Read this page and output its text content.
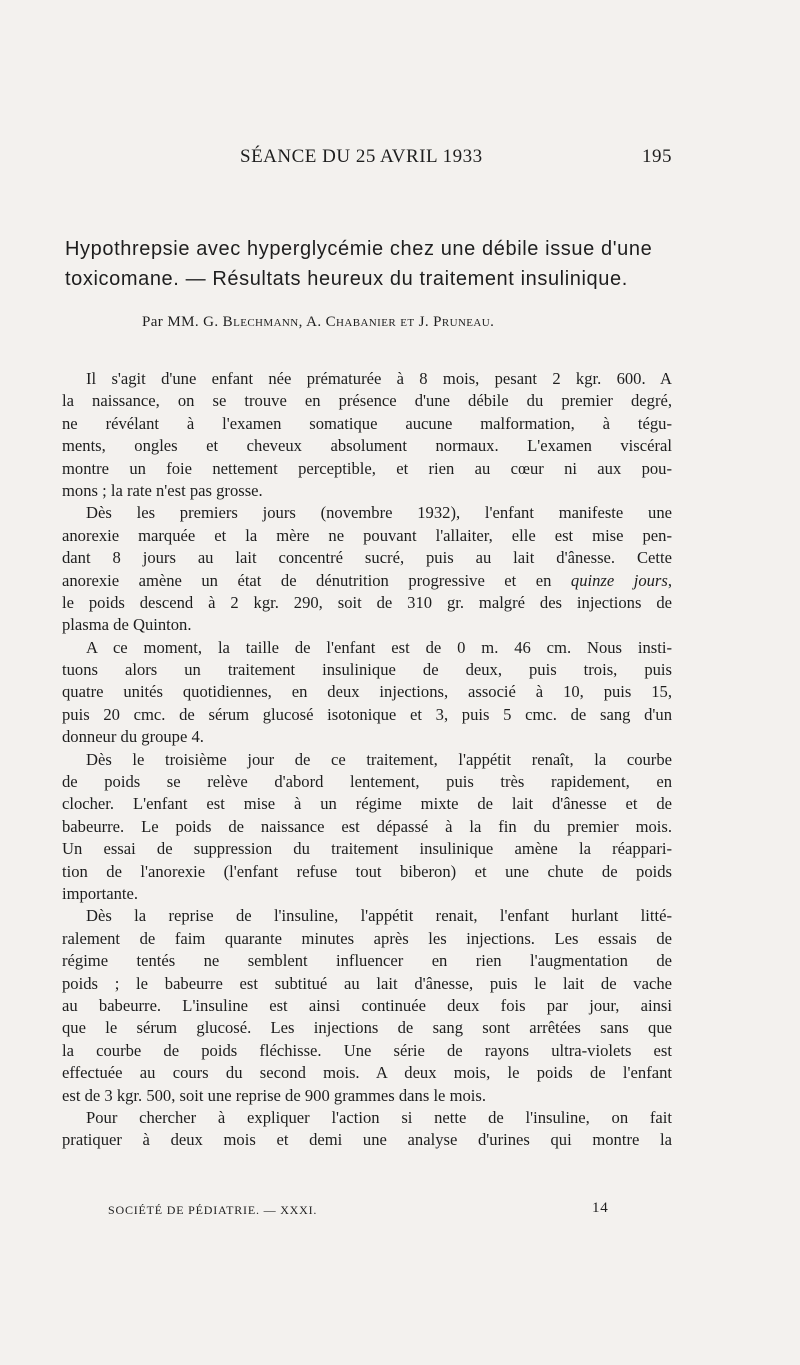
SÉANCE DU 25 AVRIL 1933	195
Hypothrepsie avec hyperglycémie chez une débile issue d'une
toxicomane. — Résultats heureux du traitement insulinique.
Par MM. G. Blechmann, A. Chabanier et J. Pruneau.
Il s'agit d'une enfant née prématurée à 8 mois, pesant 2 kgr. 600. A
la naissance, on se trouve en présence d'une débile du premier degré,
ne révélant à l'examen somatique aucune malformation, à tégu-
ments, ongles et cheveux absolument normaux. L'examen viscéral
montre un foie nettement perceptible, et rien au cœur ni aux pou-
mons ; la rate n'est pas grosse.
Dès les premiers jours (novembre 1932), l'enfant manifeste une
anorexie marquée et la mère ne pouvant l'allaiter, elle est mise pen-
dant 8 jours au lait concentré sucré, puis au lait d'ânesse. Cette
anorexie amène un état de dénutrition progressive et en quinze jours,
le poids descend à 2 kgr. 290, soit de 310 gr. malgré des injections de
plasma de Quinton.
A ce moment, la taille de l'enfant est de 0 m. 46 cm. Nous insti-
tuons alors un traitement insulinique de deux, puis trois, puis
quatre unités quotidiennes, en deux injections, associé à 10, puis 15,
puis 20 cmc. de sérum glucosé isotonique et 3, puis 5 cmc. de sang d'un
donneur du groupe 4.
Dès le troisième jour de ce traitement, l'appétit renaît, la courbe
de poids se relève d'abord lentement, puis très rapidement, en
clocher. L'enfant est mise à un régime mixte de lait d'ânesse et de
babeurre. Le poids de naissance est dépassé à la fin du premier mois.
Un essai de suppression du traitement insulinique amène la réappari-
tion de l'anorexie (l'enfant refuse tout biberon) et une chute de poids
importante.
Dès la reprise de l'insuline, l'appétit renait, l'enfant hurlant litté-
ralement de faim quarante minutes après les injections. Les essais de
régime tentés ne semblent influencer en rien l'augmentation de
poids ; le babeurre est subtitué au lait d'ânesse, puis le lait de vache
au babeurre. L'insuline est ainsi continuée deux fois par jour, ainsi
que le sérum glucosé. Les injections de sang sont arrêtées sans que
la courbe de poids fléchisse. Une série de rayons ultra-violets est
effectuée au cours du second mois. A deux mois, le poids de l'enfant
est de 3 kgr. 500, soit une reprise de 900 grammes dans le mois.
Pour chercher à expliquer l'action si nette de l'insuline, on fait
pratiquer à deux mois et demi une analyse d'urines qui montre la
SOCIÉTÉ DE PÉDIATRIE. — XXXI.	14
